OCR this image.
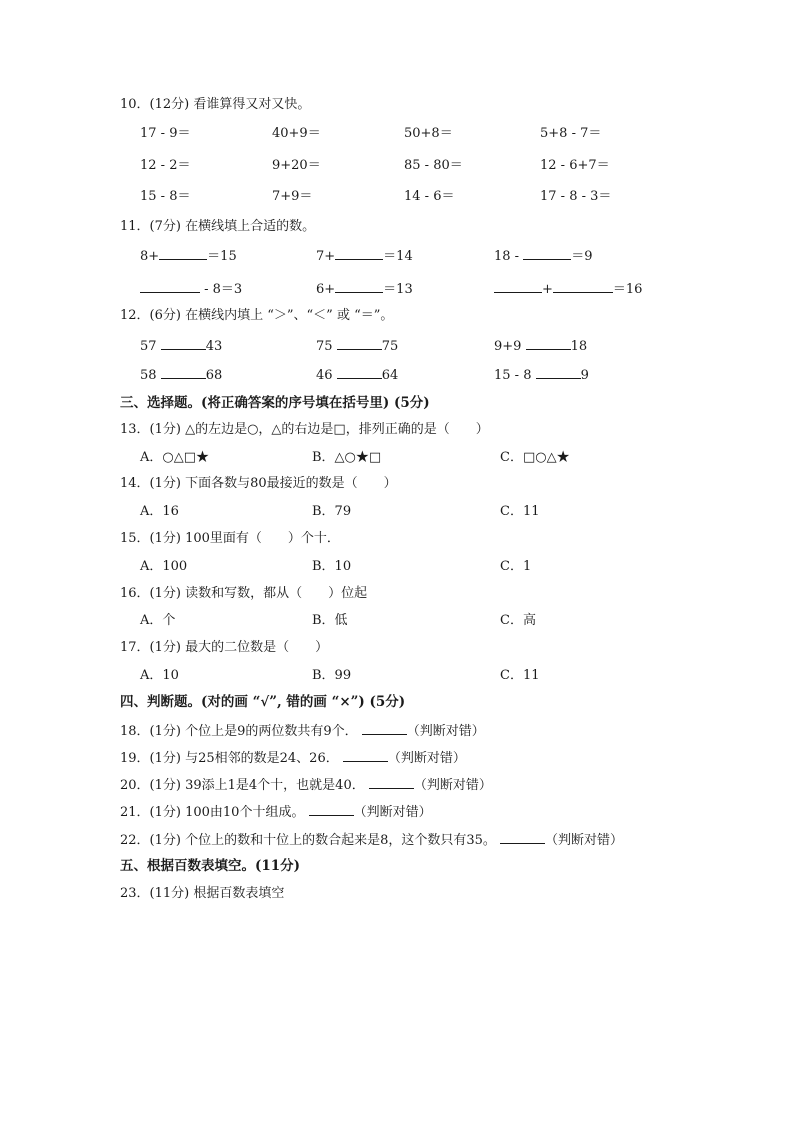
10．(12分) 看谁算得又对又快。
17 - 9＝	40+9＝	50+8＝	5+8 - 7＝
12 - 2＝	9+20＝	85 - 80＝	12 - 6+7＝
15 - 8＝	7+9＝	14 - 6＝	17 - 8 - 3＝
11．(7分) 在横线填上合适的数。
8+	＝15	7+	＝14	18 -	＝9
- 8＝3	6+	＝13	+	＝16
12．(6分) 在横线内填上 “＞”、“＜” 或 “＝”。
57	43	75	75	9+9	18
58	68	46	64	15 - 8	9
三、选择题。(将正确答案的序号填在括号里) (5分)
13．(1分) △的左边是○，△的右边是□，排列正确的是（　　）
A．○△□★	B．△○★□	C．□○△★
14．(1分) 下面各数与80最接近的数是（　　）
A．16	B．79	C．11
15．(1分) 100里面有（　　）个十．
A．100	B．10	C．1
16．(1分) 读数和写数，都从（　　）位起
A．个	B．低	C．高
17．(1分) 最大的二位数是（　　）
A．10	B．99	C．11
四、判断题。(对的画 “√”, 错的画 “×”) (5分)
18．(1分) 个位上是9的两位数共有9个．	（判断对错）
19．(1分) 与25相邻的数是24、26．	（判断对错）
20．(1分) 39添上1是4个十，也就是40．	（判断对错）
21．(1分) 100由10个十组成。	（判断对错）
22．(1分) 个位上的数和十位上的数合起来是8，这个数只有35。	（判断对错）
五、根据百数表填空。(11分)
23．(11分) 根据百数表填空
